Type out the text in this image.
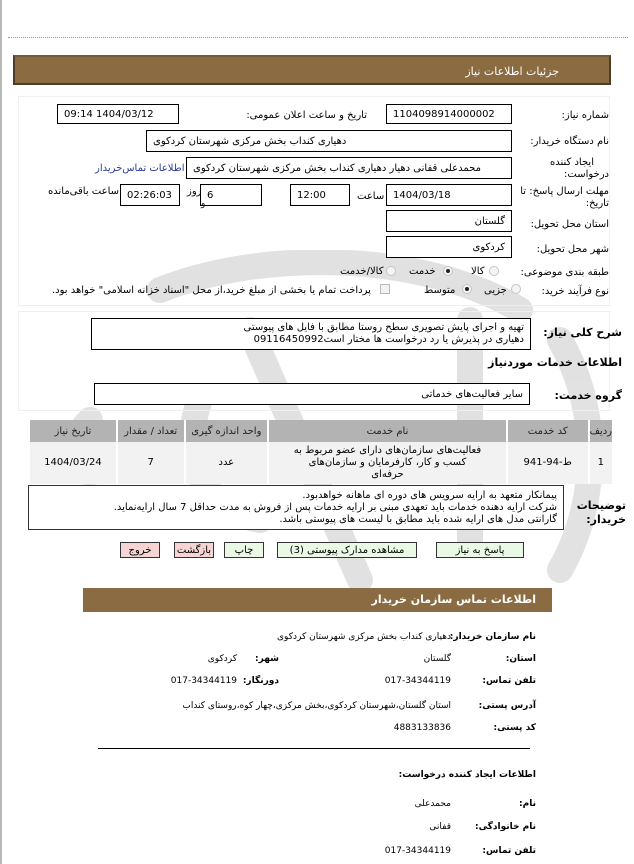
جزئیات اطلاعات نیاز
شماره نیاز:
1104098914000002
تاریخ و ساعت اعلان عمومی:
1404/03/12 09:14
نام دستگاه خریدار:
دهیاری کنداب بخش مرکزی شهرستان کردکوی
ایجاد کننده
درخواست:
محمدعلی قفانی دهیار دهیاری کنداب بخش مرکزی شهرستان کردکوی
اطلاعات تماس‌خریدار
مهلت ارسال پاسخ: تا
تاریخ:
1404/03/18
ساعت
12:00
6
روز
و
02:26:03
ساعت باقی‌مانده
استان محل تحویل:
گلستان
شهر محل تحویل:
کردکوی
طبقه بندی موضوعی:
کالا
خدمت
کالا/خدمت
نوع فرآیند خرید:
جزیی
متوسط
پرداخت تمام یا بخشی از مبلغ خرید،از محل "اسناد خزانه اسلامی" خواهد بود.
شرح کلی نیاز:
تهیه و اجرای پایش تصویری سطح روستا مطابق با فایل های پیوستی
دهیاری در پذیرش یا رد درخواست ها مختار است09116450992
اطلاعات خدمات موردنیاز
گروه خدمت:
سایر فعالیت‌های خدماتی
ردیف	کد خدمت	نام خدمت	واحد اندازه گیری	تعداد / مقدار	تاریخ نیاز
1	ط-94-941	فعالیت‌های سازمان‌های دارای عضو مربوط به
کسب و کار، کارفرمایان و سازمان‌های
حرفه‌ای	عدد	7	1404/03/24
توضیحات
خریدار:
پیمانکار متعهد به ارایه سرویس های دوره ای ماهانه خواهدبود.
شرکت ارایه دهنده خدمات باید تعهدی مبنی بر ارایه خدمات پس از فروش به مدت حداقل 7 سال ارایه‌نماید.
گارانتی مدل های ارایه شده باید مطابق با لیست های پیوستی باشد.
پاسخ به نیاز
مشاهده مدارک پیوستی (3)
چاپ
بازگشت
خروج
اطلاعات تماس سازمان خریدار
نام سازمان خریدار:
دهیاری کنداب بخش مرکزی شهرستان کردکوی
استان:
گلستان
شهر:
کردکوی
تلفن تماس:
017-34344119
دورنگار:
017-34344119
آدرس پستی:
استان گلستان،شهرستان کردکوی،بخش مرکزی،چهار کوه،روستای کنداب
کد پستی:
4883133836
اطلاعات ایجاد کننده درخواست:
نام:
محمدعلی
نام خانوادگی:
قفانی
تلفن تماس:
017-34344119
